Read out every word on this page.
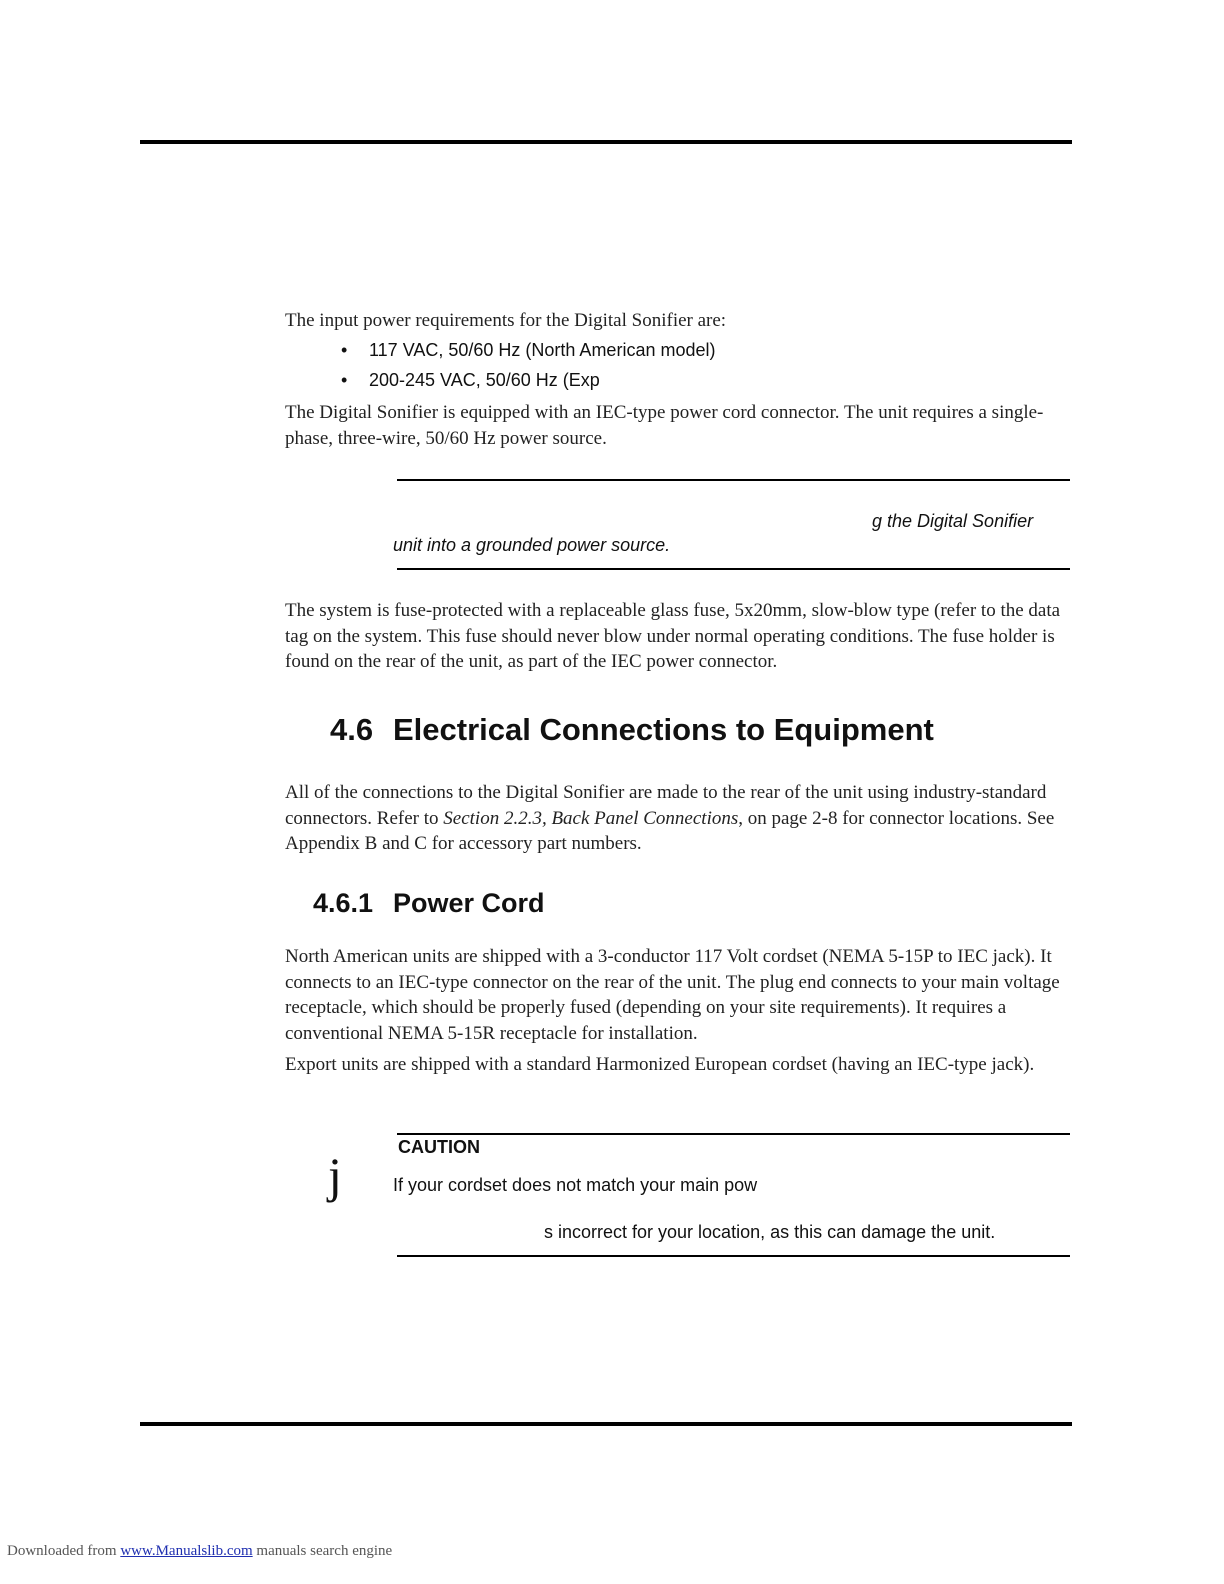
The input power requirements for the Digital Sonifier are:

• 117 VAC, 50/60 Hz (North American model)
• 200-245 VAC, 50/60 Hz (Exp

The Digital Sonifier is equipped with an IEC-type power cord connector. The unit requires a single-phase, three-wire, 50/60 Hz power source.

g the Digital Sonifier
unit into a grounded power source.

The system is fuse-protected with a replaceable glass fuse, 5x20mm, slow-blow type (refer to the data tag on the system. This fuse should never blow under normal operating conditions. The fuse holder is found on the rear of the unit, as part of the IEC power connector.

4.6 Electrical Connections to Equipment

All of the connections to the Digital Sonifier are made to the rear of the unit using industry-standard connectors. Refer to Section 2.2.3, Back Panel Connections, on page 2-8 for connector locations. See Appendix B and C for accessory part numbers.

4.6.1 Power Cord

North American units are shipped with a 3-conductor 117 Volt cordset (NEMA 5-15P to IEC jack). It connects to an IEC-type connector on the rear of the unit. The plug end connects to your main voltage receptacle, which should be properly fused (depending on your site requirements). It requires a conventional NEMA 5-15R receptacle for installation.

Export units are shipped with a standard Harmonized European cordset (having an IEC-type jack).

CAUTION
j	If your cordset does not match your main pow
s incorrect for your location, as this can damage the unit.
Downloaded from www.Manualslib.com manuals search engine
